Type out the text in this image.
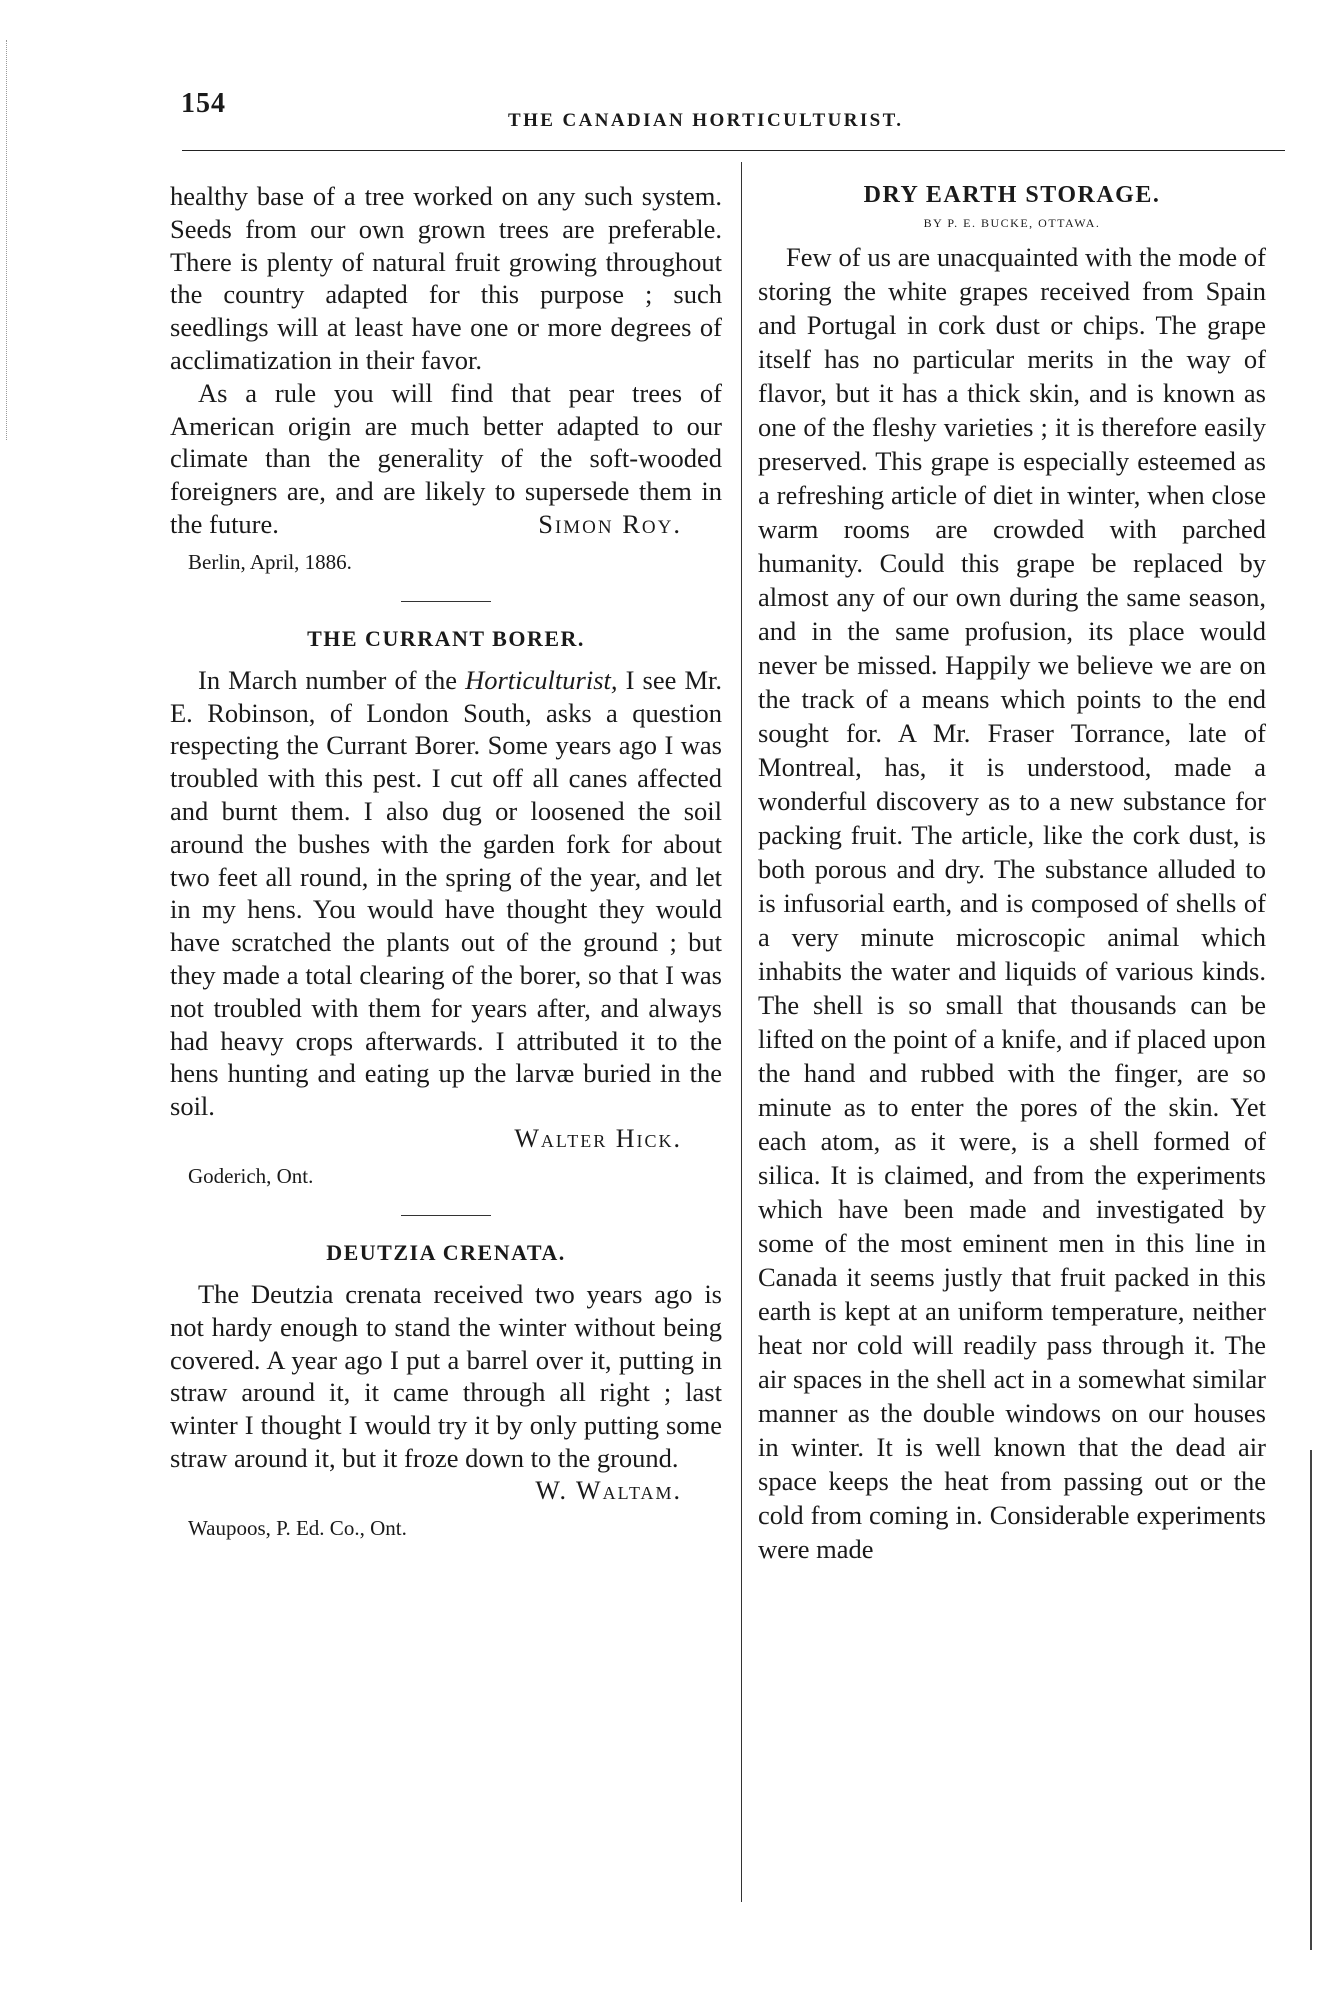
154
THE CANADIAN HORTICULTURIST.

healthy base of a tree worked on any such system. Seeds from our own grown trees are preferable. There is plenty of natural fruit growing throughout the country adapted for this purpose ; such seedlings will at least have one or more degrees of acclimatization in their favor.

As a rule you will find that pear trees of American origin are much better adapted to our climate than the generality of the soft-wooded foreigners are, and are likely to supersede them in the future.	Simon Roy.

Berlin, April, 1886.
THE CURRANT BORER.

In March number of the Horticulturist, I see Mr. E. Robinson, of London South, asks a question respecting the Currant Borer. Some years ago I was troubled with this pest. I cut off all canes affected and burnt them. I also dug or loosened the soil around the bushes with the garden fork for about two feet all round, in the spring of the year, and let in my hens. You would have thought they would have scratched the plants out of the ground ; but they made a total clearing of the borer, so that I was not troubled with them for years after, and always had heavy crops afterwards. I attributed it to the hens hunting and eating up the larvæ buried in the soil.

Walter Hick.
Goderich, Ont.
DEUTZIA CRENATA.

The Deutzia crenata received two years ago is not hardy enough to stand the winter without being covered. A year ago I put a barrel over it, putting in straw around it, it came through all right ; last winter I thought I would try it by only putting some straw around it, but it froze down to the ground.

W. Waltam.
Waupoos, P. Ed. Co., Ont.
DRY EARTH STORAGE.
BY P. E. BUCKE, OTTAWA.

Few of us are unacquainted with the mode of storing the white grapes received from Spain and Portugal in cork dust or chips. The grape itself has no particular merits in the way of flavor, but it has a thick skin, and is known as one of the fleshy varieties ; it is therefore easily preserved. This grape is especially esteemed as a refreshing article of diet in winter, when close warm rooms are crowded with parched humanity. Could this grape be replaced by almost any of our own during the same season, and in the same profusion, its place would never be missed. Happily we believe we are on the track of a means which points to the end sought for. A Mr. Fraser Torrance, late of Montreal, has, it is understood, made a wonderful discovery as to a new substance for packing fruit. The article, like the cork dust, is both porous and dry. The substance alluded to is infusorial earth, and is composed of shells of a very minute microscopic animal which inhabits the water and liquids of various kinds. The shell is so small that thousands can be lifted on the point of a knife, and if placed upon the hand and rubbed with the finger, are so minute as to enter the pores of the skin. Yet each atom, as it were, is a shell formed of silica. It is claimed, and from the experiments which have been made and investigated by some of the most eminent men in this line in Canada it seems justly that fruit packed in this earth is kept at an uniform temperature, neither heat nor cold will readily pass through it. The air spaces in the shell act in a somewhat similar manner as the double windows on our houses in winter. It is well known that the dead air space keeps the heat from passing out or the cold from coming in. Considerable experiments were made
